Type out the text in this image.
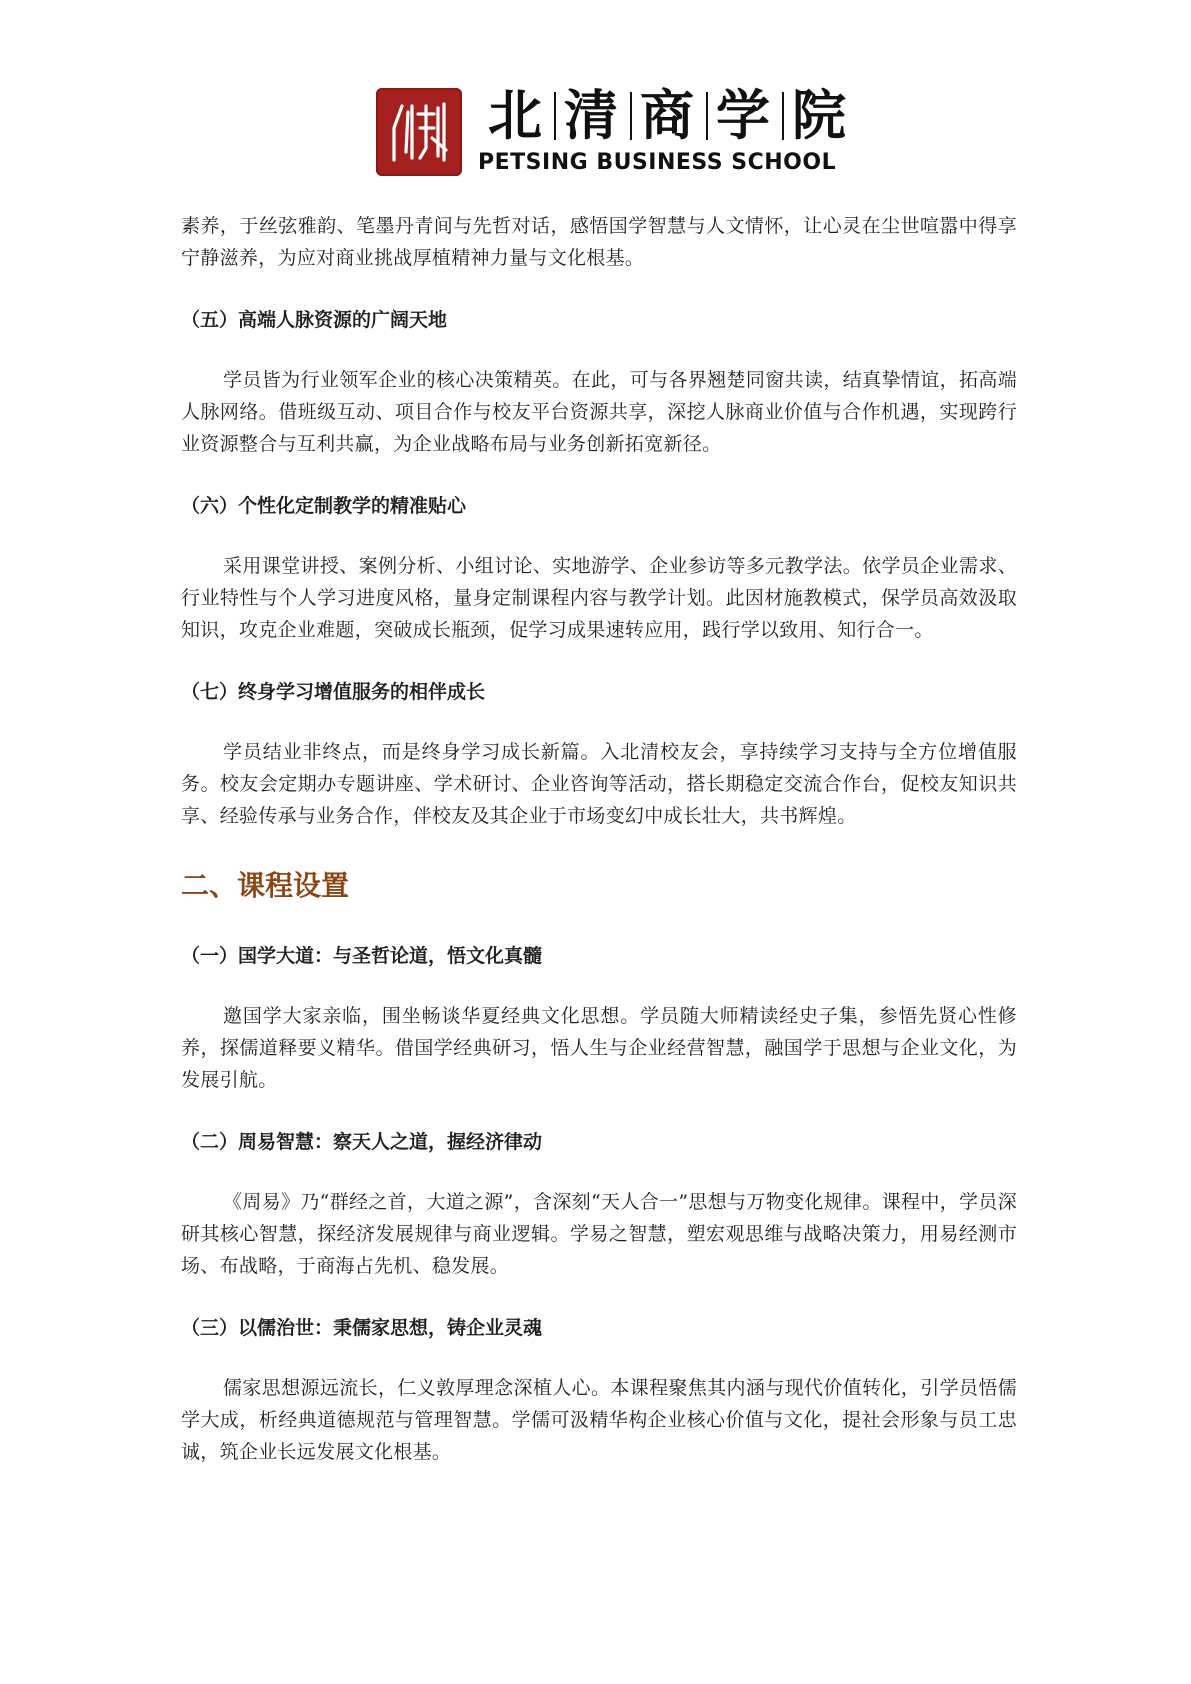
北 清 商 学 院
PETSING BUSINESS SCHOOL

素养，于丝弦雅韵、笔墨丹青间与先哲对话，感悟国学智慧与人文情怀，让心灵在尘世喧嚣中得享宁静滋养，为应对商业挑战厚植精神力量与文化根基。

（五）高端人脉资源的广阔天地

学员皆为行业领军企业的核心决策精英。在此，可与各界翘楚同窗共读，结真挚情谊，拓高端人脉网络。借班级互动、项目合作与校友平台资源共享，深挖人脉商业价值与合作机遇，实现跨行业资源整合与互利共赢，为企业战略布局与业务创新拓宽新径。

（六）个性化定制教学的精准贴心

采用课堂讲授、案例分析、小组讨论、实地游学、企业参访等多元教学法。依学员企业需求、行业特性与个人学习进度风格，量身定制课程内容与教学计划。此因材施教模式，保学员高效汲取知识，攻克企业难题，突破成长瓶颈，促学习成果速转应用，践行学以致用、知行合一。

（七）终身学习增值服务的相伴成长

学员结业非终点，而是终身学习成长新篇。入北清校友会，享持续学习支持与全方位增值服务。校友会定期办专题讲座、学术研讨、企业咨询等活动，搭长期稳定交流合作台，促校友知识共享、经验传承与业务合作，伴校友及其企业于市场变幻中成长壮大，共书辉煌。

二、课程设置

（一）国学大道：与圣哲论道，悟文化真髓

邀国学大家亲临，围坐畅谈华夏经典文化思想。学员随大师精读经史子集，参悟先贤心性修养，探儒道释要义精华。借国学经典研习，悟人生与企业经营智慧，融国学于思想与企业文化，为发展引航。

（二）周易智慧：察天人之道，握经济律动

《周易》乃“群经之首，大道之源”，含深刻“天人合一”思想与万物变化规律。课程中，学员深研其核心智慧，探经济发展规律与商业逻辑。学易之智慧，塑宏观思维与战略决策力，用易经测市场、布战略，于商海占先机、稳发展。

（三）以儒治世：秉儒家思想，铸企业灵魂

儒家思想源远流长，仁义敦厚理念深植人心。本课程聚焦其内涵与现代价值转化，引学员悟儒学大成，析经典道德规范与管理智慧。学儒可汲精华构企业核心价值与文化，提社会形象与员工忠诚，筑企业长远发展文化根基。
